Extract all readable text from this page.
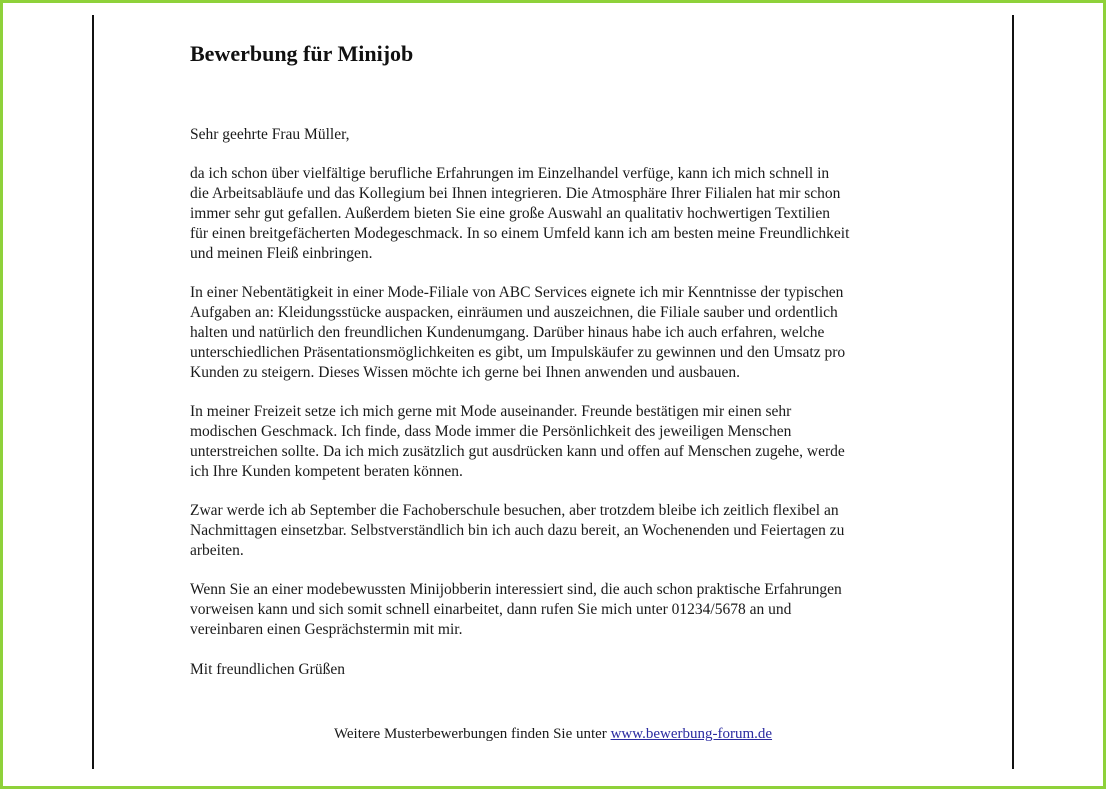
Bewerbung für Minijob

Sehr geehrte Frau Müller,

da ich schon über vielfältige berufliche Erfahrungen im Einzelhandel verfüge, kann ich mich schnell in
die Arbeitsabläufe und das Kollegium bei Ihnen integrieren. Die Atmosphäre Ihrer Filialen hat mir schon
immer sehr gut gefallen. Außerdem bieten Sie eine große Auswahl an qualitativ hochwertigen Textilien
für einen breitgefächerten Modegeschmack. In so einem Umfeld kann ich am besten meine Freundlichkeit
und meinen Fleiß einbringen.

In einer Nebentätigkeit in einer Mode-Filiale von ABC Services eignete ich mir Kenntnisse der typischen
Aufgaben an: Kleidungsstücke auspacken, einräumen und auszeichnen, die Filiale sauber und ordentlich
halten und natürlich den freundlichen Kundenumgang. Darüber hinaus habe ich auch erfahren, welche
unterschiedlichen Präsentationsmöglichkeiten es gibt, um Impulskäufer zu gewinnen und den Umsatz pro
Kunden zu steigern. Dieses Wissen möchte ich gerne bei Ihnen anwenden und ausbauen.

In meiner Freizeit setze ich mich gerne mit Mode auseinander. Freunde bestätigen mir einen sehr
modischen Geschmack. Ich finde, dass Mode immer die Persönlichkeit des jeweiligen Menschen
unterstreichen sollte. Da ich mich zusätzlich gut ausdrücken kann und offen auf Menschen zugehe, werde
ich Ihre Kunden kompetent beraten können.

Zwar werde ich ab September die Fachoberschule besuchen, aber trotzdem bleibe ich zeitlich flexibel an
Nachmittagen einsetzbar. Selbstverständlich bin ich auch dazu bereit, an Wochenenden und Feiertagen zu
arbeiten.

Wenn Sie an einer modebewussten Minijobberin interessiert sind, die auch schon praktische Erfahrungen
vorweisen kann und sich somit schnell einarbeitet, dann rufen Sie mich unter 01234/5678 an und
vereinbaren einen Gesprächstermin mit mir.

Mit freundlichen Grüßen

Weitere Musterbewerbungen finden Sie unter www.bewerbung-forum.de
